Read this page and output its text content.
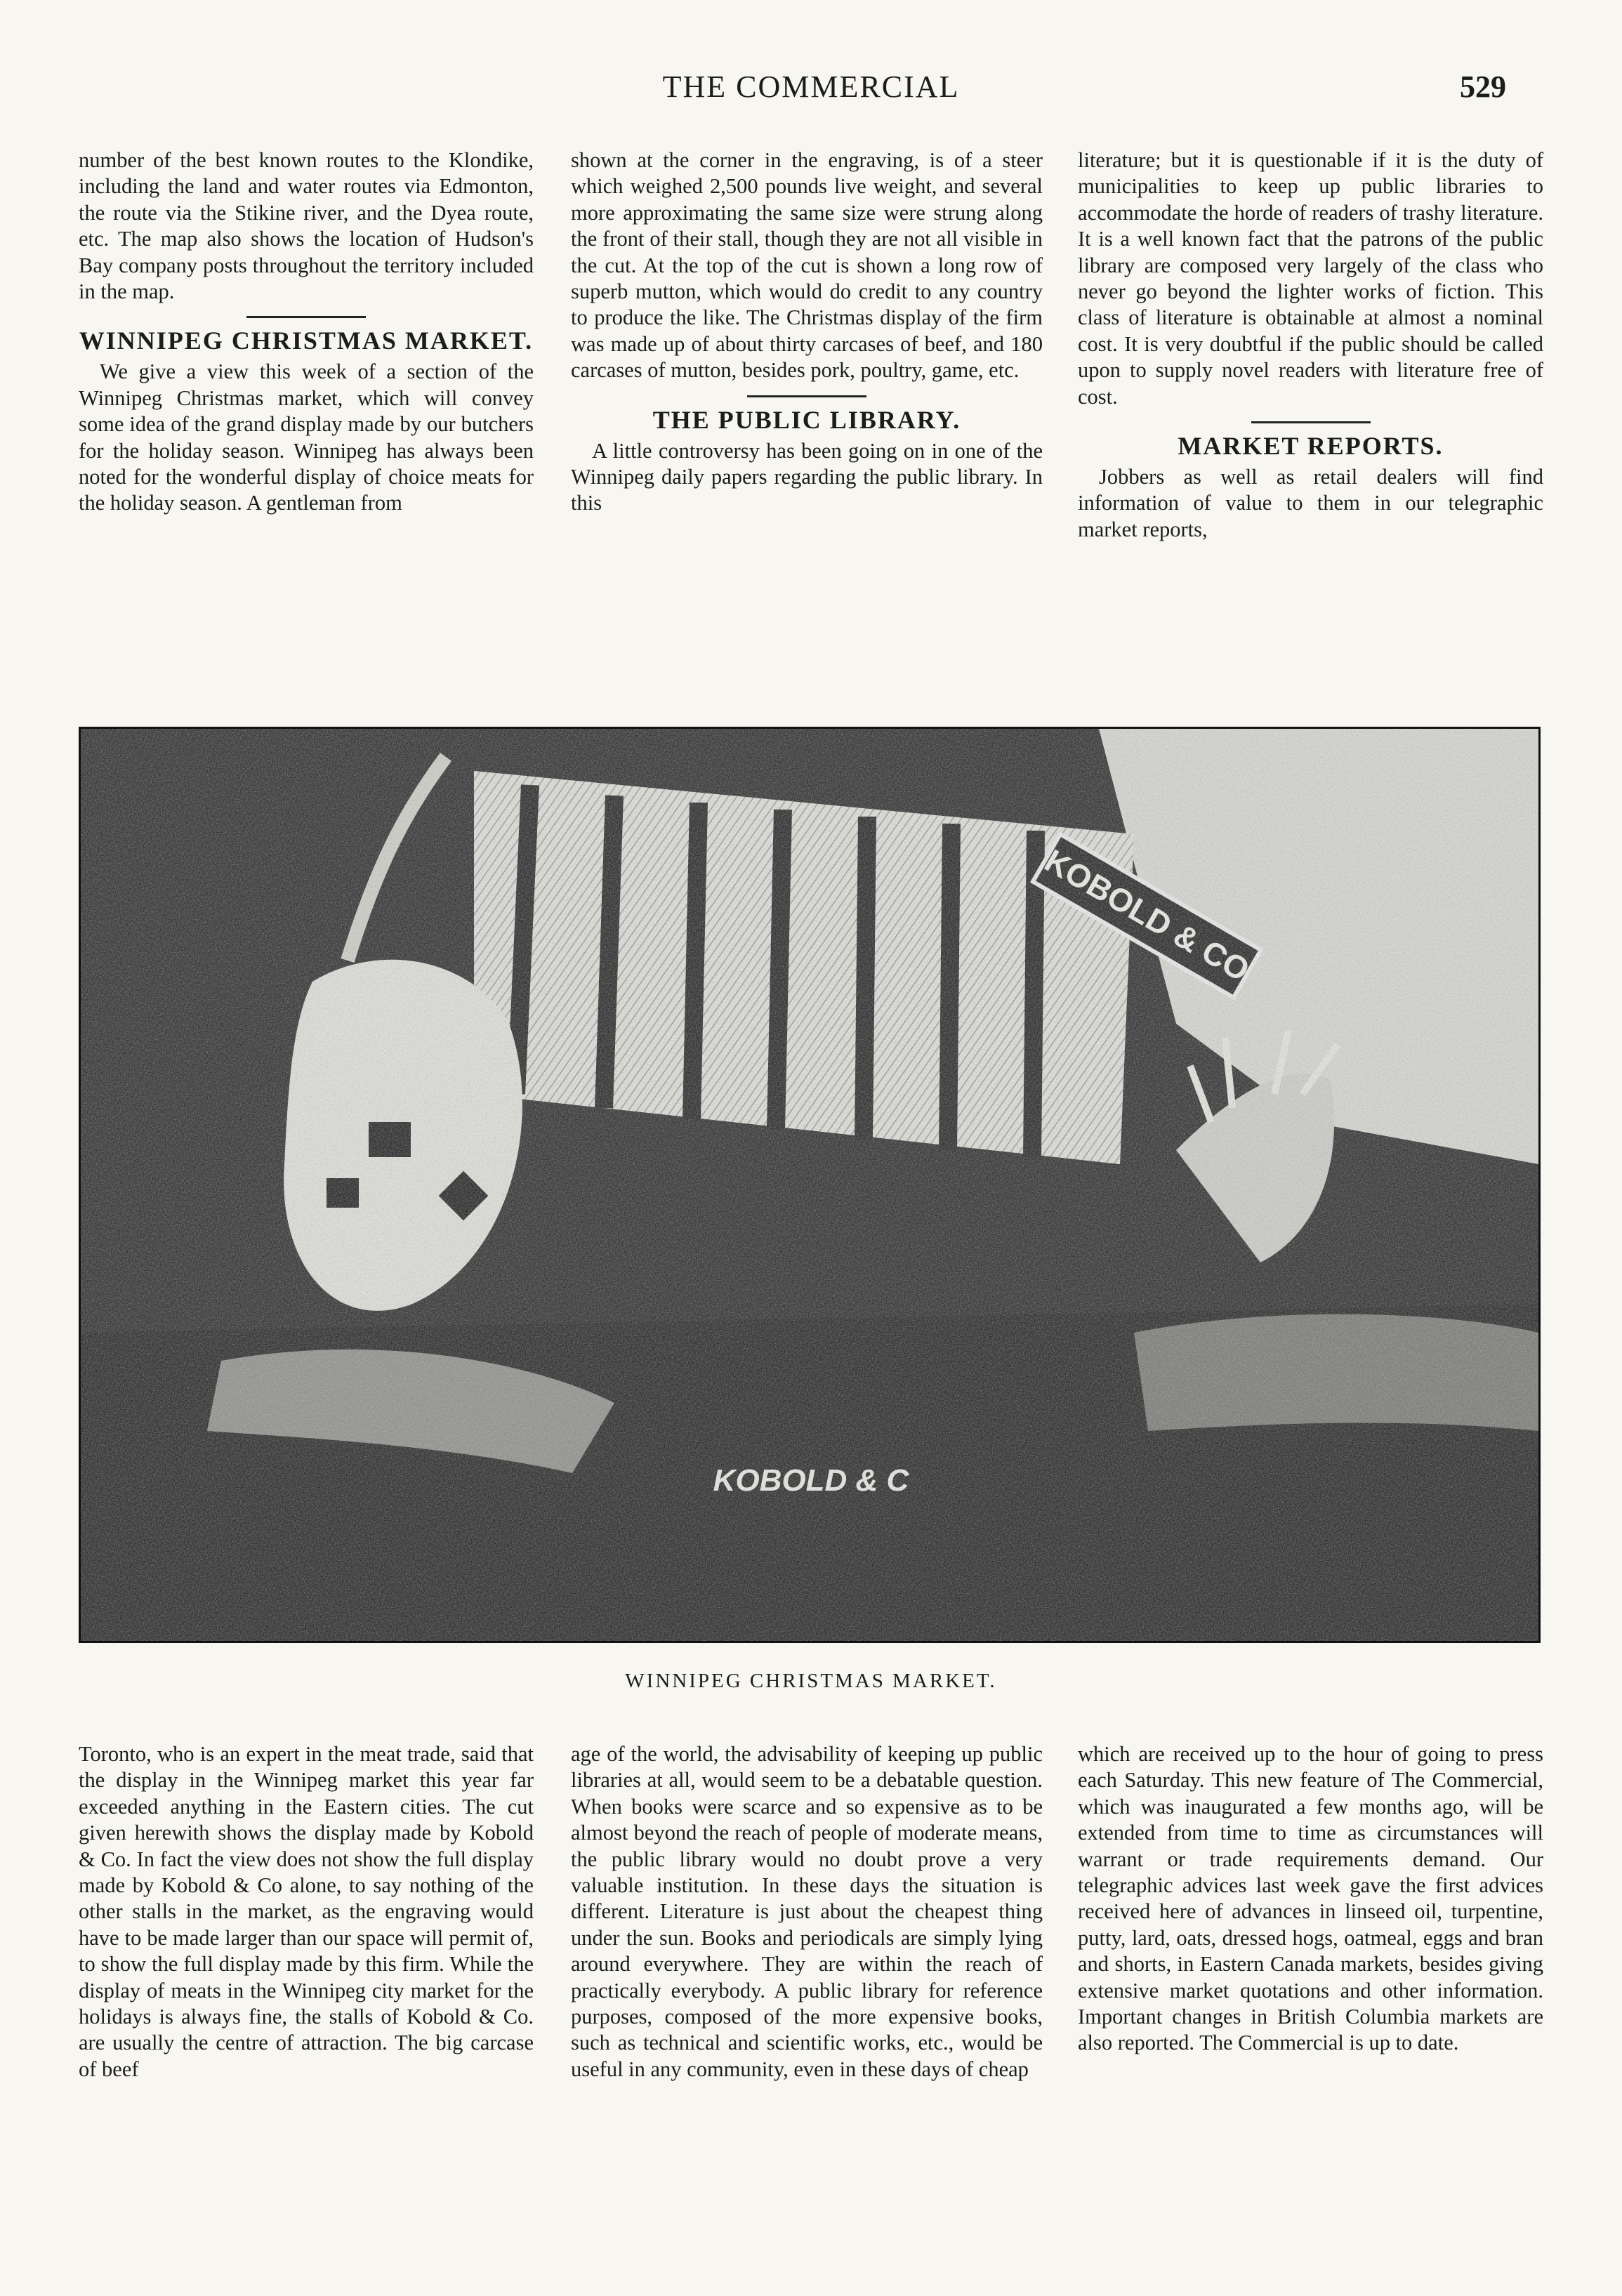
THE COMMERCIAL	529

number of the best known routes to the Klondike, including the land and water routes via Edmonton, the route via the Stikine river, and the Dyea route, etc. The map also shows the location of Hudson's Bay company posts throughout the territory included in the map.

WINNIPEG CHRISTMAS MARKET.

We give a view this week of a section of the Winnipeg Christmas market, which will convey some idea of the grand display made by our butchers for the holiday season. Winnipeg has always been noted for the wonderful display of choice meats for the holiday season. A gentleman from

shown at the corner in the engraving, is of a steer which weighed 2,500 pounds live weight, and several more approximating the same size were strung along the front of their stall, though they are not all visible in the cut. At the top of the cut is shown a long row of superb mutton, which would do credit to any country to produce the like. The Christmas display of the firm was made up of about thirty carcases of beef, and 180 carcases of mutton, besides pork, poultry, game, etc.

THE PUBLIC LIBRARY.

A little controversy has been going on in one of the Winnipeg daily papers regarding the public library. In this

literature; but it is questionable if it is the duty of municipalities to keep up public libraries to accommodate the horde of readers of trashy literature. It is a well known fact that the patrons of the public library are composed very largely of the class who never go beyond the lighter works of fiction. This class of literature is obtainable at almost a nominal cost. It is very doubtful if the public should be called upon to supply novel readers with literature free of cost.

MARKET REPORTS.

Jobbers as well as retail dealers will find information of value to them in our telegraphic market reports,

WINNIPEG CHRISTMAS MARKET.

Toronto, who is an expert in the meat trade, said that the display in the Winnipeg market this year far exceeded anything in the Eastern cities. The cut given herewith shows the display made by Kobold & Co. In fact the view does not show the full display made by Kobold & Co alone, to say nothing of the other stalls in the market, as the engraving would have to be made larger than our space will permit of, to show the full display made by this firm. While the display of meats in the Winnipeg city market for the holidays is always fine, the stalls of Kobold & Co. are usually the centre of attraction. The big carcase of beef

age of the world, the advisability of keeping up public libraries at all, would seem to be a debatable question. When books were scarce and so expensive as to be almost beyond the reach of people of moderate means, the public library would no doubt prove a very valuable institution. In these days the situation is different. Literature is just about the cheapest thing under the sun. Books and periodicals are simply lying around everywhere. They are within the reach of practically everybody. A public library for reference purposes, composed of the more expensive books, such as technical and scientific works, etc., would be useful in any community, even in these days of cheap

which are received up to the hour of going to press each Saturday. This new feature of The Commercial, which was inaugurated a few months ago, will be extended from time to time as circumstances will warrant or trade requirements demand. Our telegraphic advices last week gave the first advices received here of advances in linseed oil, turpentine, putty, lard, oats, dressed hogs, oatmeal, eggs and bran and shorts, in Eastern Canada markets, besides giving extensive market quotations and other information. Important changes in British Columbia markets are also reported. The Commercial is up to date.
